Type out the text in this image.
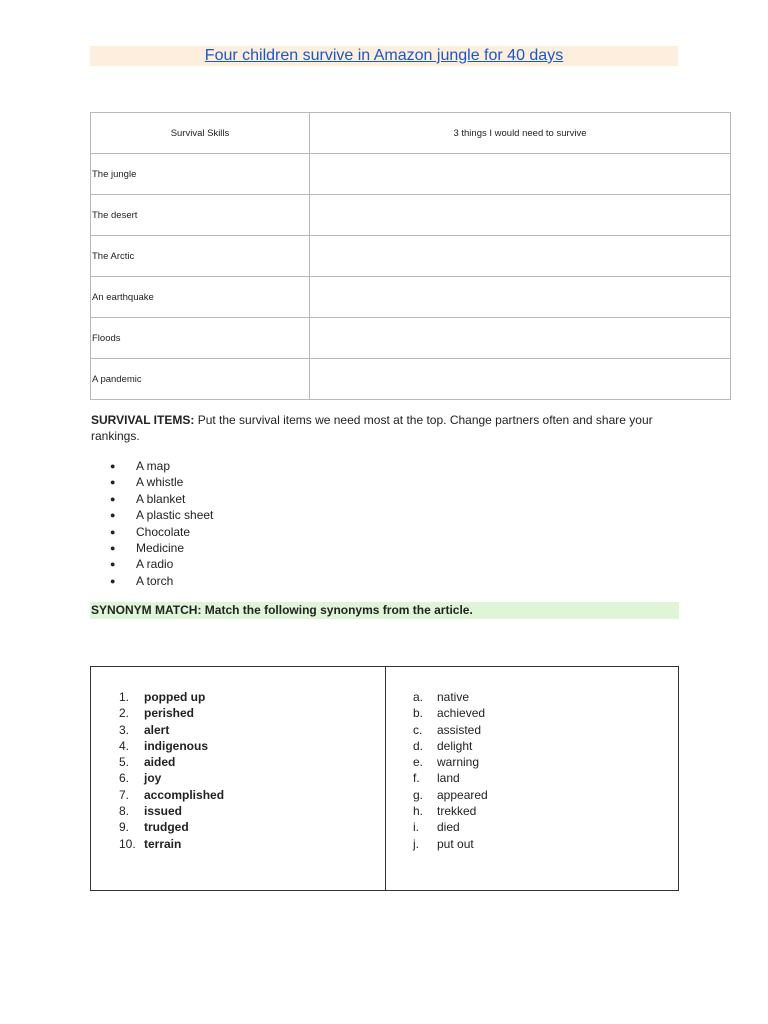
Four children survive in Amazon jungle for 40 days
Survival Skills	3 things I would need to survive
The jungle	
The desert	
The Arctic	
An earthquake	
Floods	
A pandemic	
SURVIVAL ITEMS: Put the survival items we need most at the top. Change partners often and share your rankings.
● A map
● A whistle
● A blanket
● A plastic sheet
● Chocolate
● Medicine
● A radio
● A torch
SYNONYM MATCH: Match the following synonyms from the article.
1. popped up
2. perished
3. alert
4. indigenous
5. aided
6. joy
7. accomplished
8. issued
9. trudged
10. terrain
a. native
b. achieved
c. assisted
d. delight
e. warning
f. land
g. appeared
h. trekked
i. died
j. put out
